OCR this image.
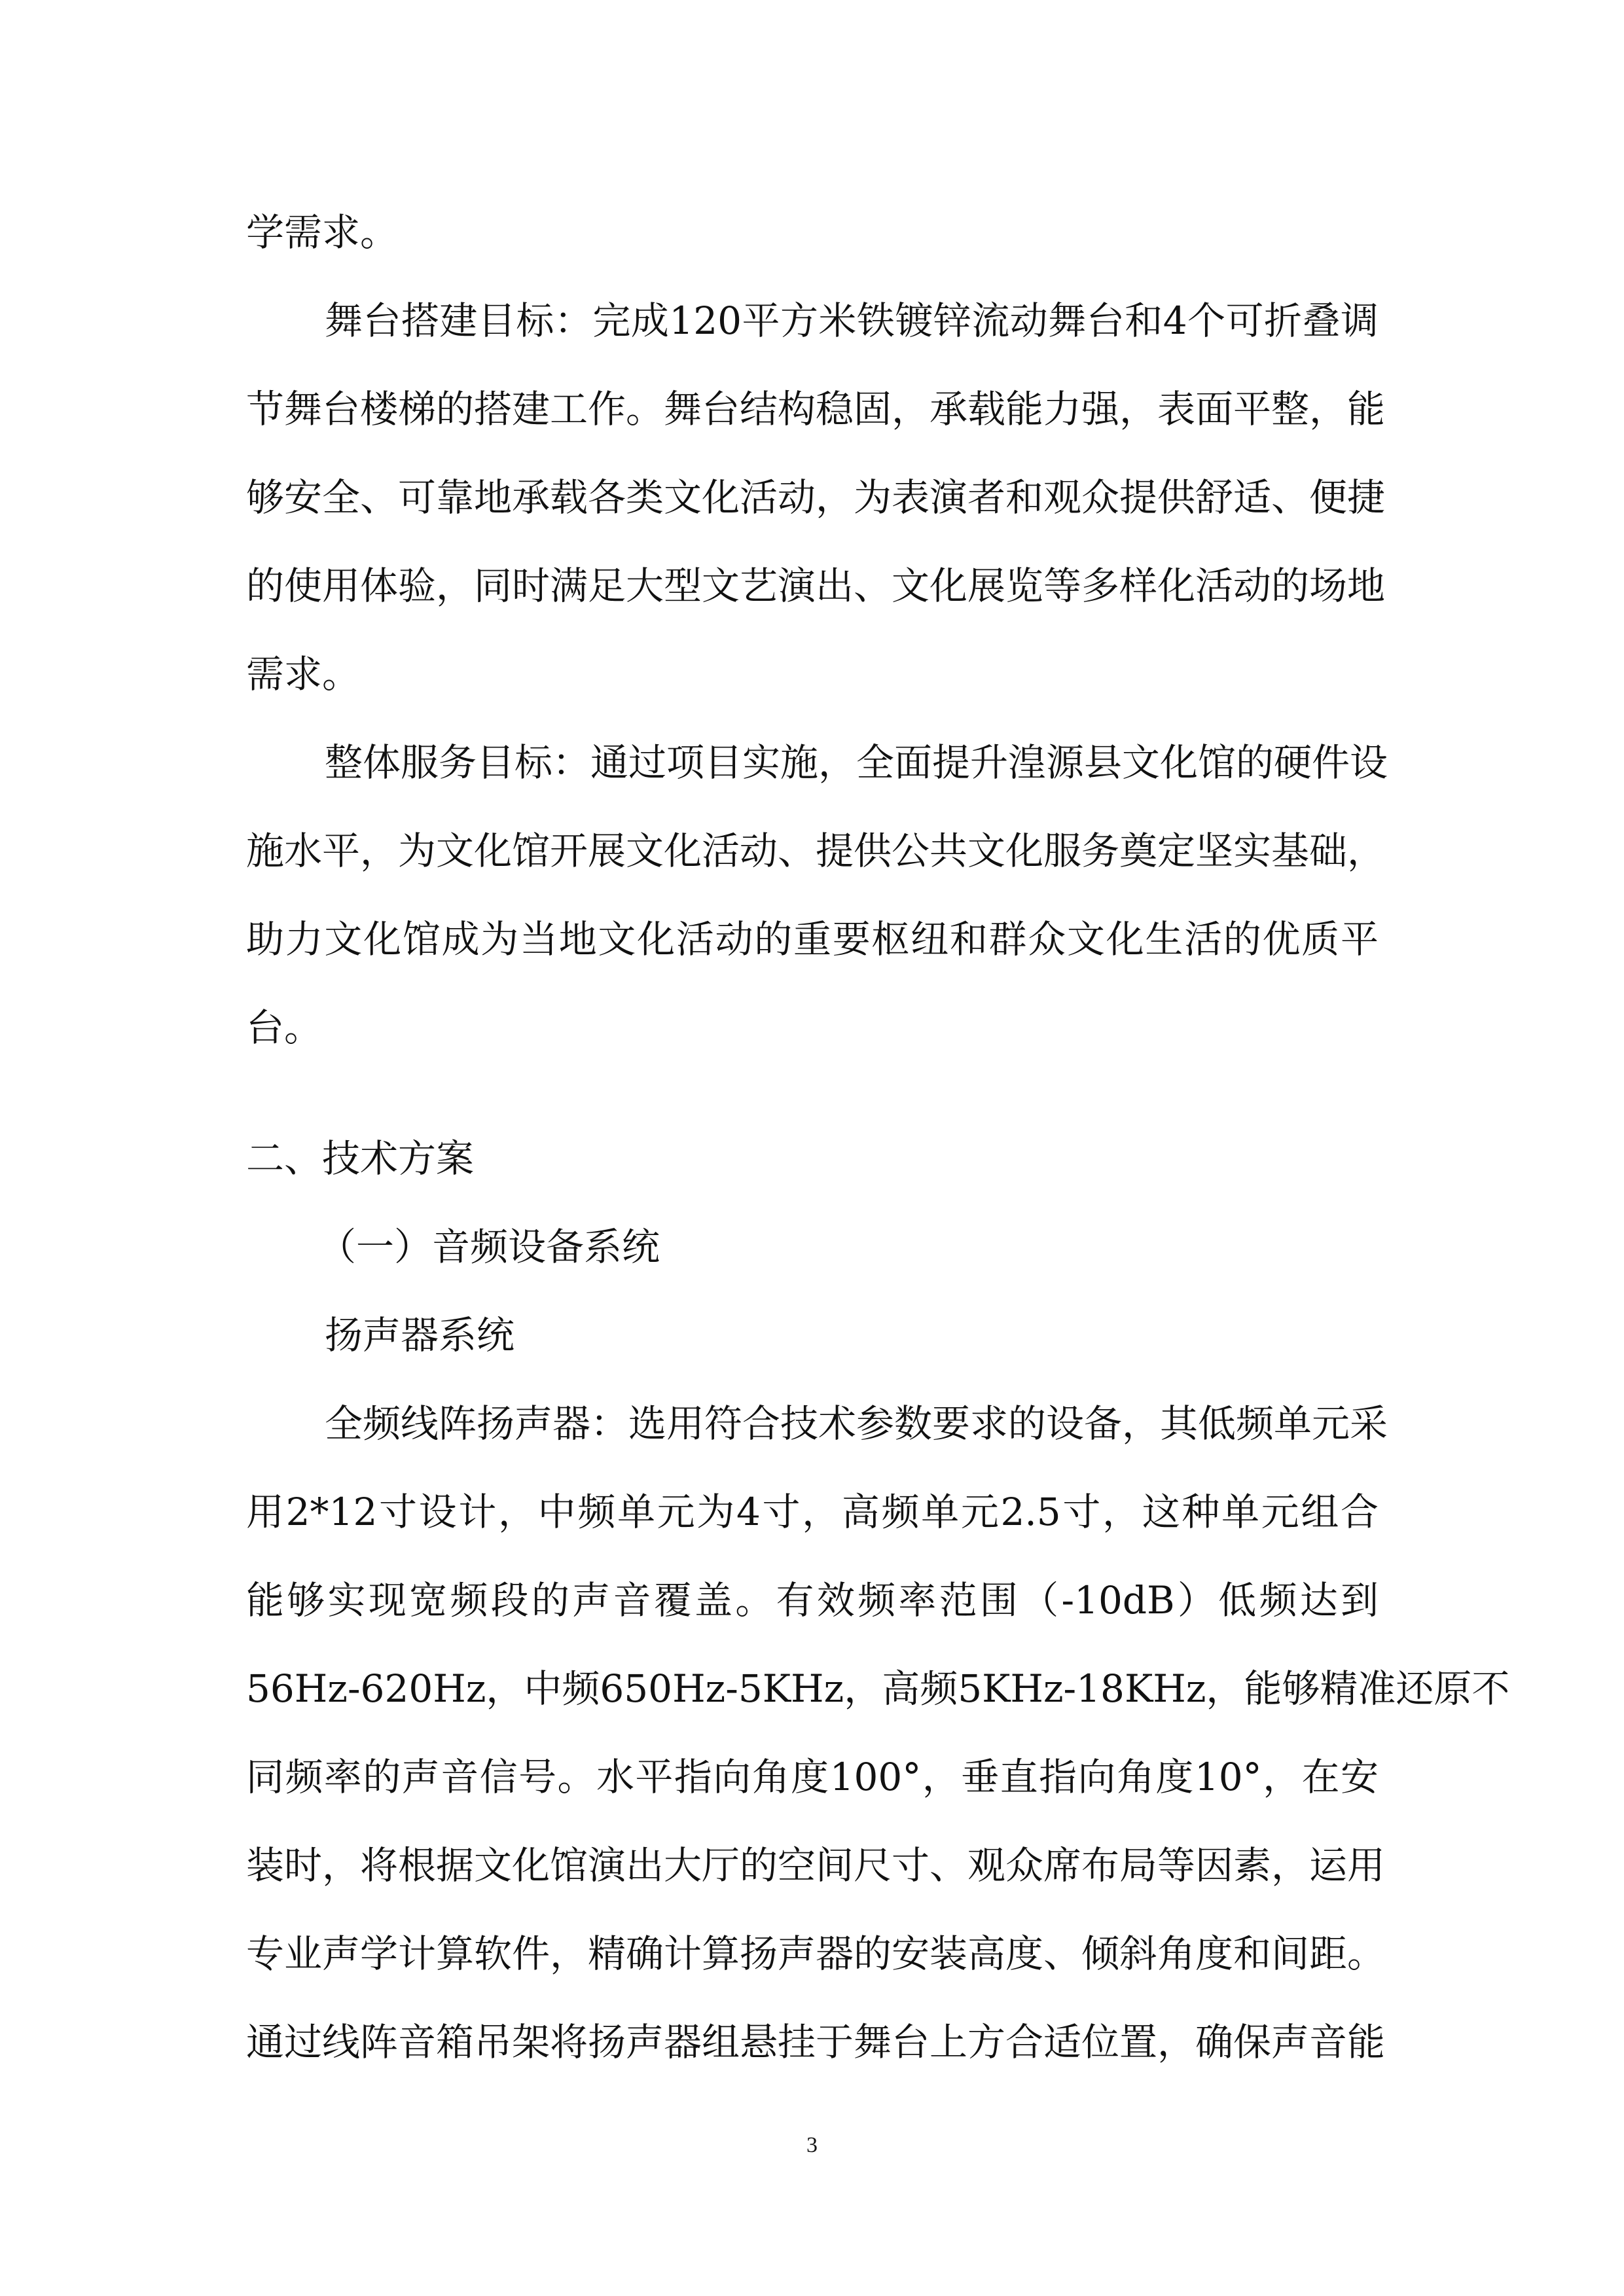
学需求。
舞台搭建目标：完成120平方米铁镀锌流动舞台和4个可折叠调
节舞台楼梯的搭建工作。舞台结构稳固，承载能力强，表面平整，能
够安全、可靠地承载各类文化活动，为表演者和观众提供舒适、便捷
的使用体验，同时满足大型文艺演出、文化展览等多样化活动的场地
需求。
整体服务目标：通过项目实施，全面提升湟源县文化馆的硬件设
施水平，为文化馆开展文化活动、提供公共文化服务奠定坚实基础，
助力文化馆成为当地文化活动的重要枢纽和群众文化生活的优质平
台。
二、技术方案
（一）音频设备系统
扬声器系统
全频线阵扬声器：选用符合技术参数要求的设备，其低频单元采
用2*12寸设计，中频单元为4寸，高频单元2.5寸，这种单元组合
能够实现宽频段的声音覆盖。有效频率范围（-10dB）低频达到
56Hz-620Hz，中频650Hz-5KHz，高频5KHz-18KHz，能够精准还原不
同频率的声音信号。水平指向角度100°，垂直指向角度10°，在安
装时，将根据文化馆演出大厅的空间尺寸、观众席布局等因素，运用
专业声学计算软件，精确计算扬声器的安装高度、倾斜角度和间距。
通过线阵音箱吊架将扬声器组悬挂于舞台上方合适位置，确保声音能
3
